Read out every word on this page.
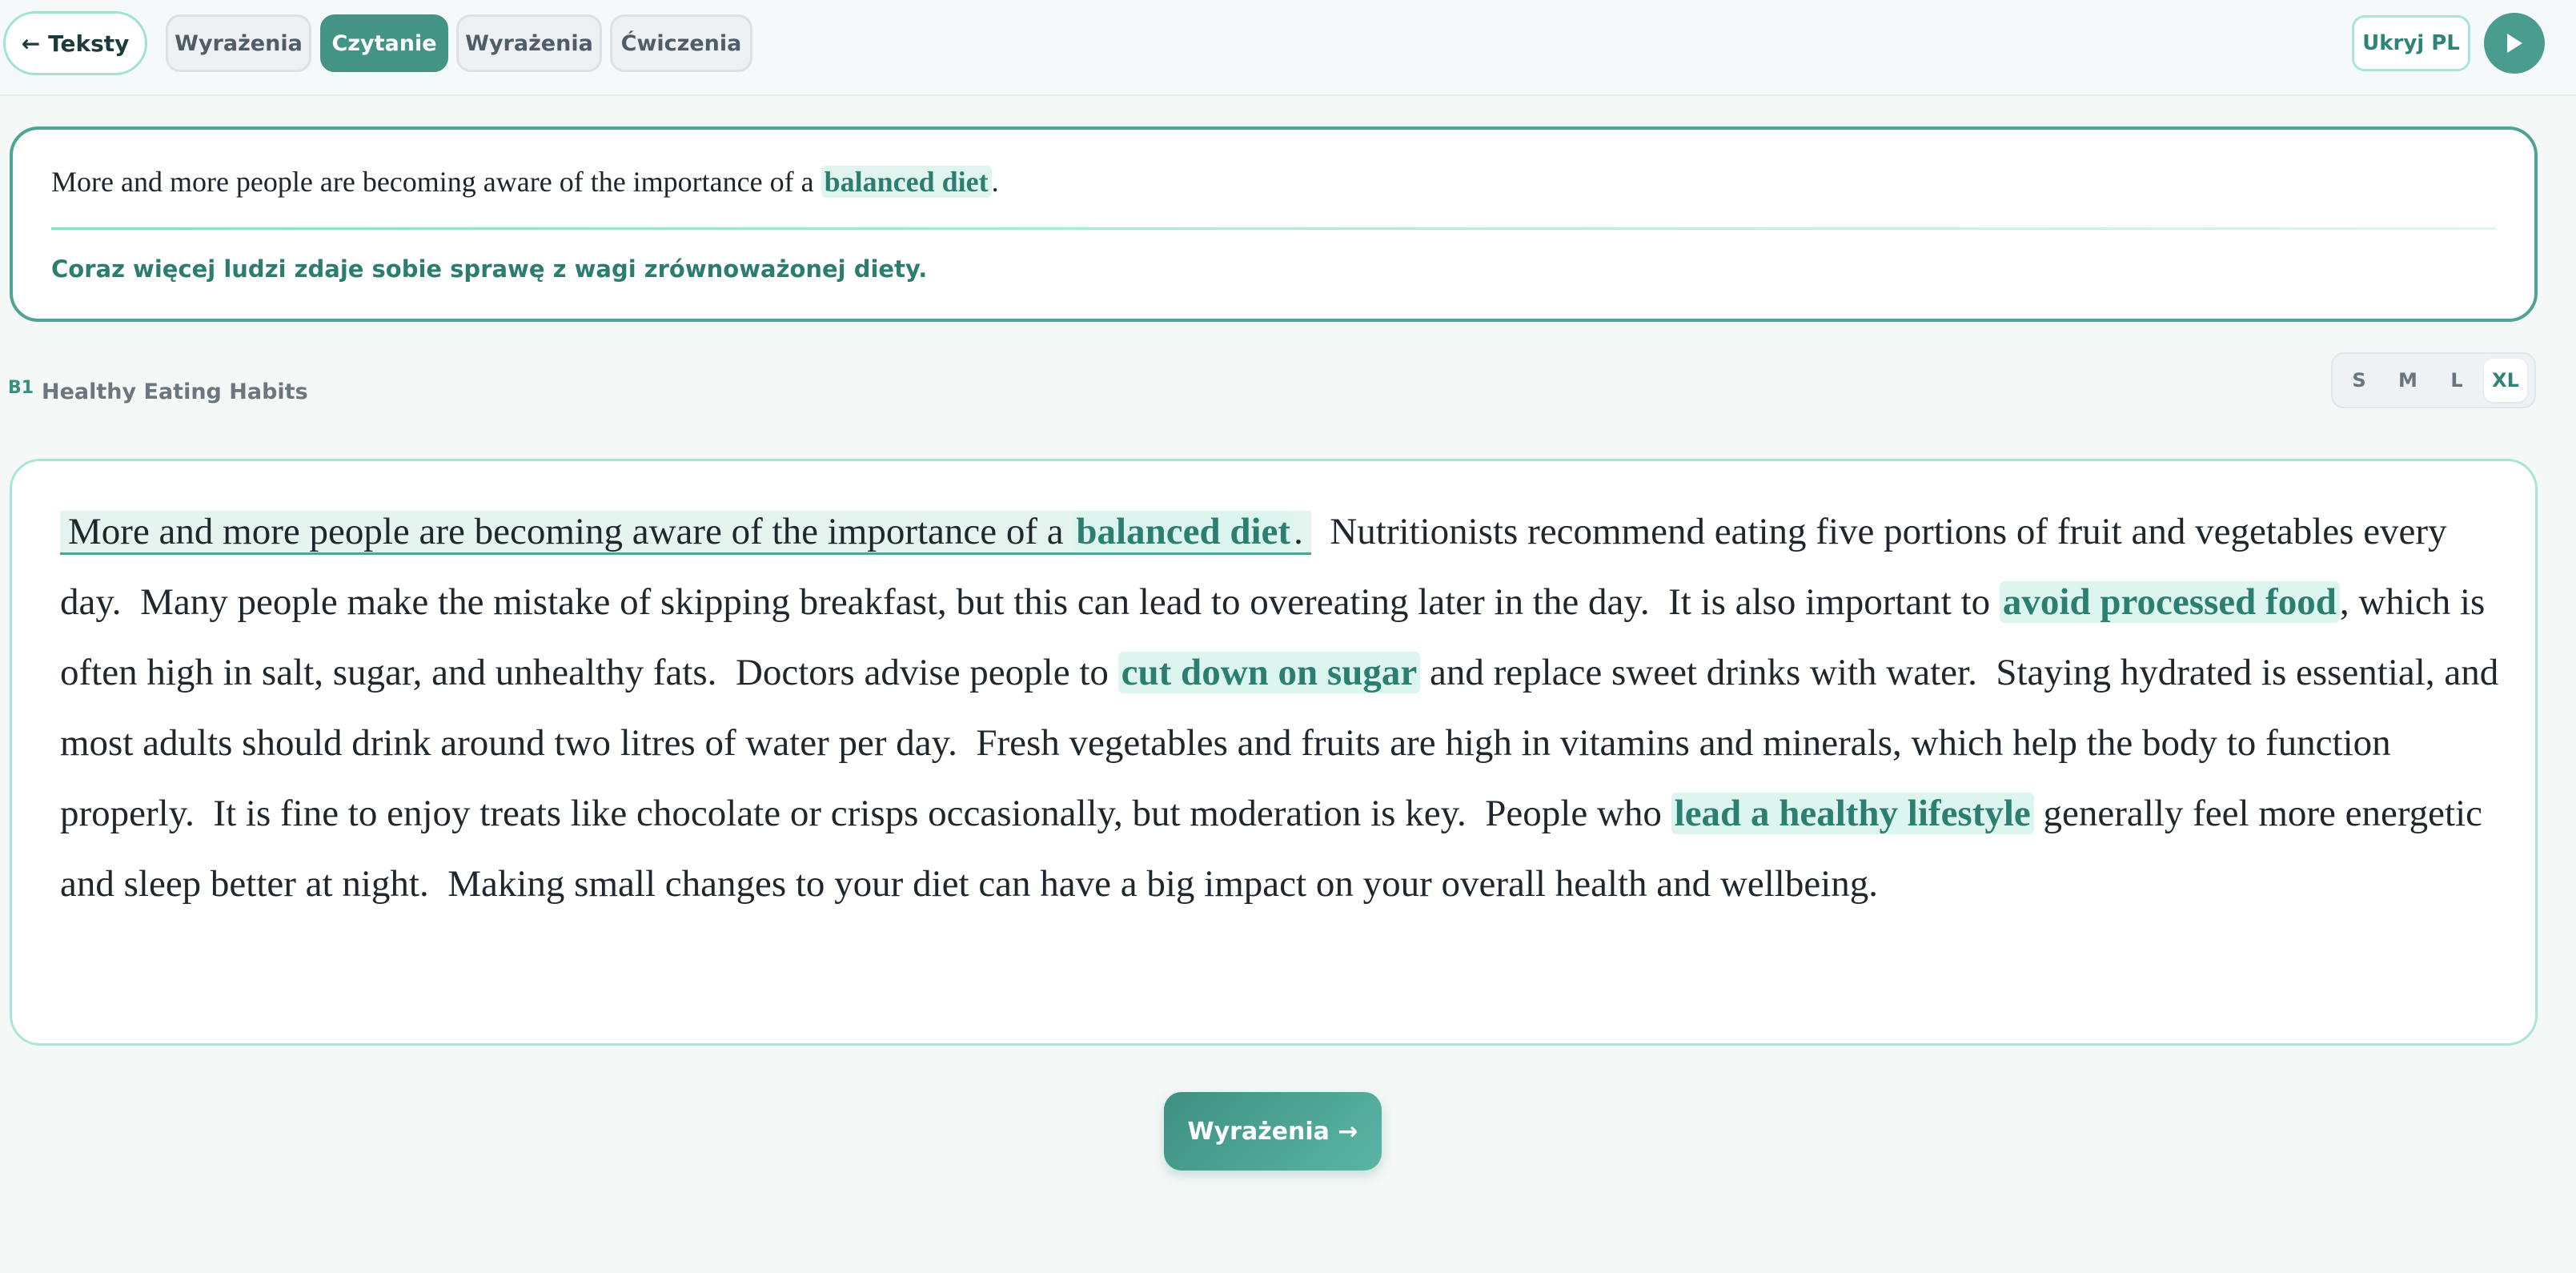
← Teksty Wyrażenia Czytanie Wyrażenia Ćwiczenia	Ukryj PL
More and more people are becoming aware of the importance of a balanced diet .
Coraz więcej ludzi zdaje sobie sprawę z wagi zrównoważonej diety.
B1 Healthy Eating Habits	S	M	L	XL
More and more people are becoming aware of the importance of a balanced diet. Nutritionists recommend eating five portions of fruit and vegetables every day. Many people make the mistake of skipping breakfast, but this can lead to overeating later in the day. It is also important to avoid processed food, which is often high in salt, sugar, and unhealthy fats. Doctors advise people to cut down on sugar and replace sweet drinks with water. Staying hydrated is essential, and most adults should drink around two litres of water per day. Fresh vegetables and fruits are high in vitamins and minerals, which help the body to function properly. It is fine to enjoy treats like chocolate or crisps occasionally, but moderation is key. People who lead a healthy lifestyle generally feel more energetic and sleep better at night. Making small changes to your diet can have a big impact on your overall health and wellbeing.
Wyrażenia →
